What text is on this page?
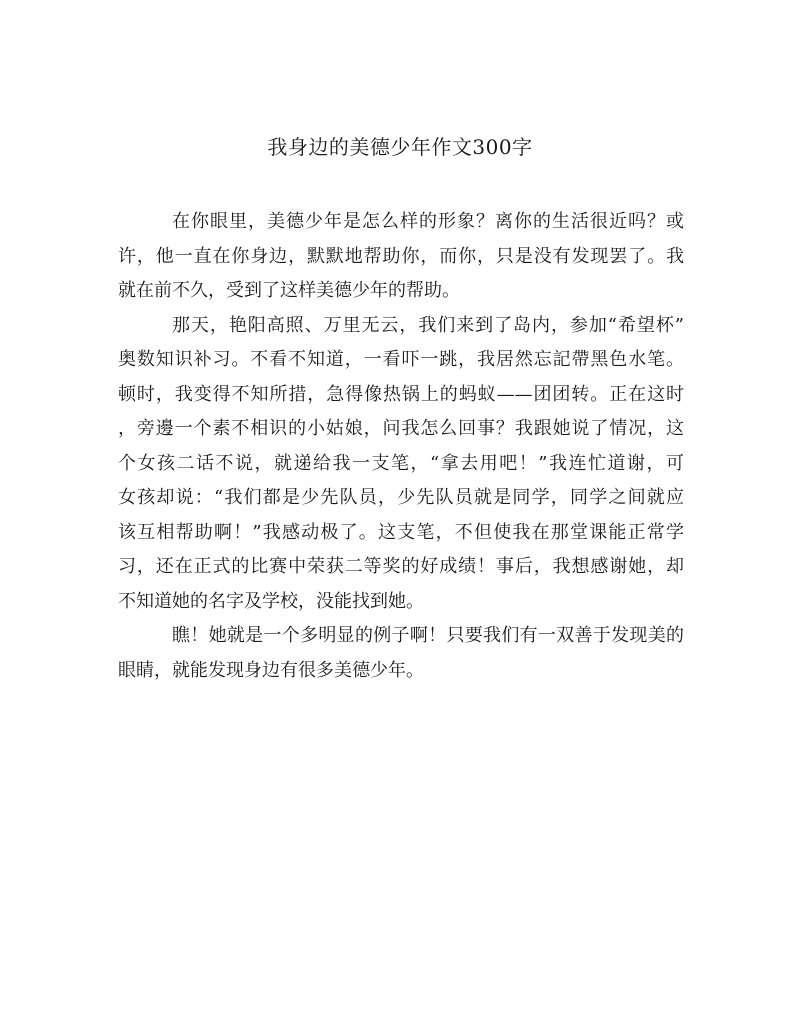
我身边的美德少年作文300字
在你眼里，美德少年是怎么样的形象？离你的生活很近吗？或
许，他一直在你身边，默默地帮助你，而你，只是没有发现罢了。我
就在前不久，受到了这样美德少年的帮助。
那天，艳阳高照、万里无云，我们来到了岛内，参加“希望杯”
奥数知识补习。不看不知道，一看吓一跳，我居然忘記帶黑色水笔。
顿时，我变得不知所措，急得像热锅上的蚂蚁——团团转。正在这时
，旁邊一个素不相识的小姑娘，问我怎么回事？我跟她说了情况，这
个女孩二话不说，就递给我一支笔，“拿去用吧！”我连忙道谢，可
女孩却说：“我们都是少先队员，少先队员就是同学，同学之间就应
该互相帮助啊！”我感动极了。这支笔，不但使我在那堂课能正常学
习，还在正式的比赛中荣获二等奖的好成绩！事后，我想感谢她，却
不知道她的名字及学校，没能找到她。
瞧！她就是一个多明显的例子啊！只要我们有一双善于发现美的
眼睛，就能发现身边有很多美德少年。
